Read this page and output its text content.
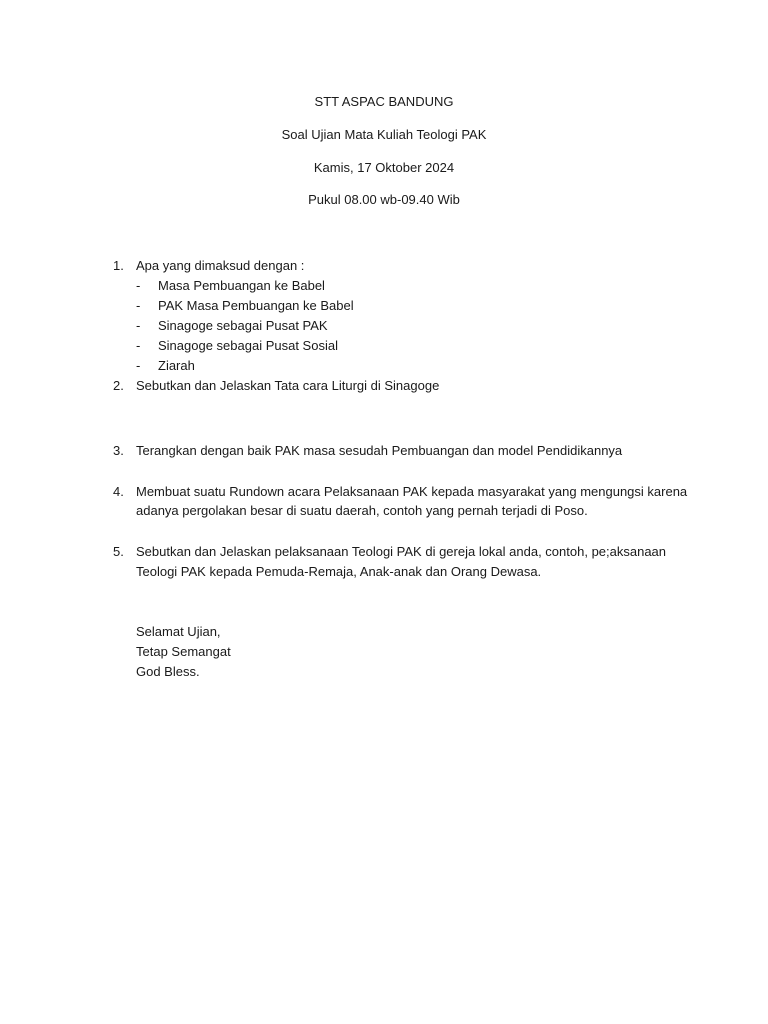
STT ASPAC BANDUNG
Soal Ujian Mata Kuliah Teologi PAK
Kamis, 17 Oktober 2024
Pukul 08.00 wb-09.40 Wib
1. Apa yang dimaksud dengan :
- Masa Pembuangan ke Babel
- PAK Masa Pembuangan ke Babel
- Sinagoge sebagai Pusat PAK
- Sinagoge sebagai Pusat Sosial
- Ziarah
2. Sebutkan dan Jelaskan Tata cara Liturgi di Sinagoge
3. Terangkan dengan baik PAK masa sesudah Pembuangan dan model Pendidikannya
4. Membuat suatu Rundown acara Pelaksanaan PAK kepada masyarakat yang mengungsi karena
adanya pergolakan besar di suatu daerah, contoh yang pernah terjadi di Poso.
5. Sebutkan dan Jelaskan pelaksanaan Teologi PAK di gereja lokal anda, contoh, pe;aksanaan
Teologi PAK kepada Pemuda-Remaja, Anak-anak dan Orang Dewasa.
Selamat Ujian,
Tetap Semangat
God Bless.
